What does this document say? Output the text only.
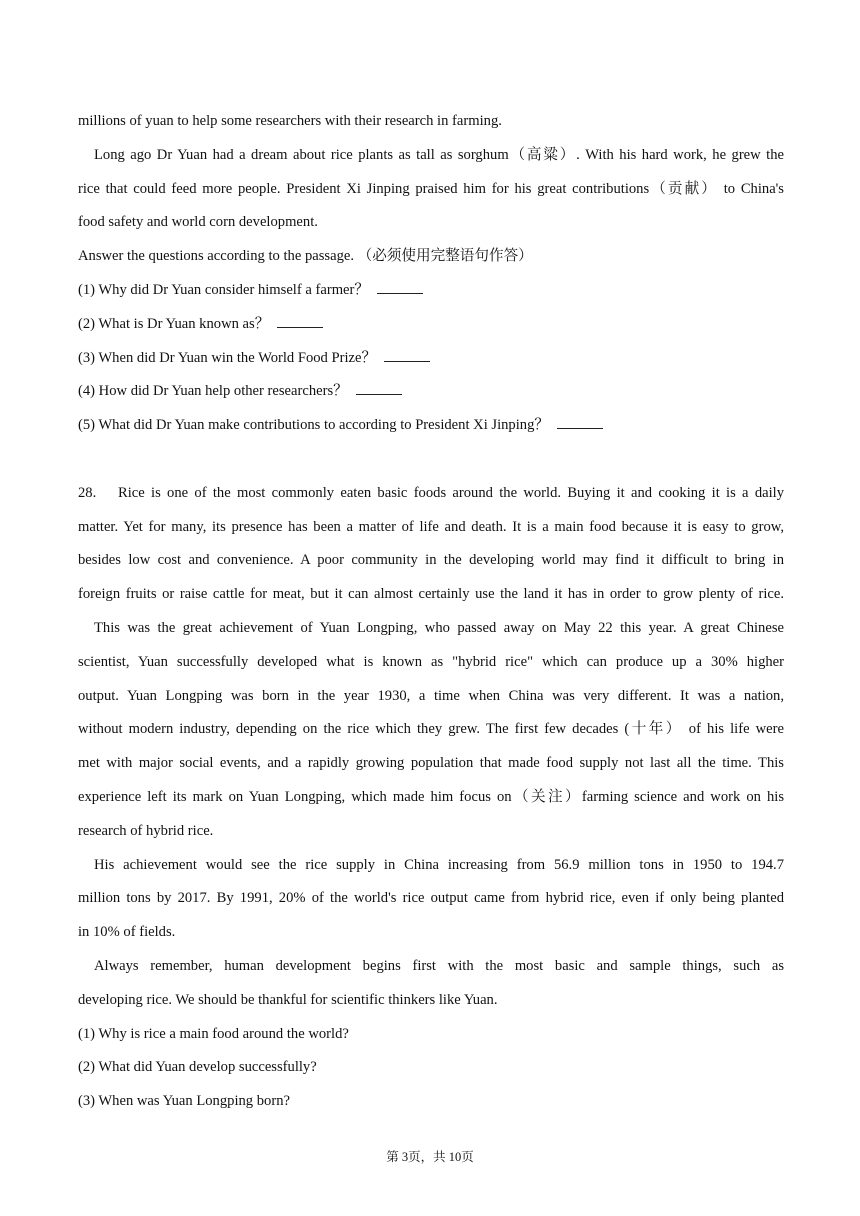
millions of yuan to help some researchers with their research in farming.
Long ago Dr Yuan had a dream about rice plants as tall as sorghum（高粱）. With his hard work, he grew the
rice that could feed more people. President Xi Jinping praised him for his great contributions（贡献） to China's
food safety and world corn development.
Answer the questions according to the passage. （必须使用完整语句作答）
(1) Why did Dr Yuan consider himself a farmer？
(2) What is Dr Yuan known as？
(3) When did Dr Yuan win the World Food Prize？
(4) How did Dr Yuan help other researchers？
(5) What did Dr Yuan make contributions to according to President Xi Jinping？
28. Rice is one of the most commonly eaten basic foods around the world. Buying it and cooking it is a daily
matter. Yet for many, its presence has been a matter of life and death. It is a main food because it is easy to grow,
besides low cost and convenience. A poor community in the developing world may find it difficult to bring in
foreign fruits or raise cattle for meat, but it can almost certainly use the land it has in order to grow plenty of rice.
This was the great achievement of Yuan Longping, who passed away on May 22 this year. A great Chinese
scientist, Yuan successfully developed what is known as "hybrid rice" which can produce up a 30% higher
output. Yuan Longping was born in the year 1930, a time when China was very different. It was a nation,
without modern industry, depending on the rice which they grew. The first few decades (十年） of his life were
met with major social events, and a rapidly growing population that made food supply not last all the time. This
experience left its mark on Yuan Longping, which made him focus on（关注）farming science and work on his
research of hybrid rice.
His achievement would see the rice supply in China increasing from 56.9 million tons in 1950 to 194.7
million tons by 2017. By 1991, 20% of the world's rice output came from hybrid rice, even if only being planted
in 10% of fields.
Always remember, human development begins first with the most basic and sample things, such as
developing rice. We should be thankful for scientific thinkers like Yuan.
(1) Why is rice a main food around the world?
(2) What did Yuan develop successfully?
(3) When was Yuan Longping born?
第 3页，共 10页
